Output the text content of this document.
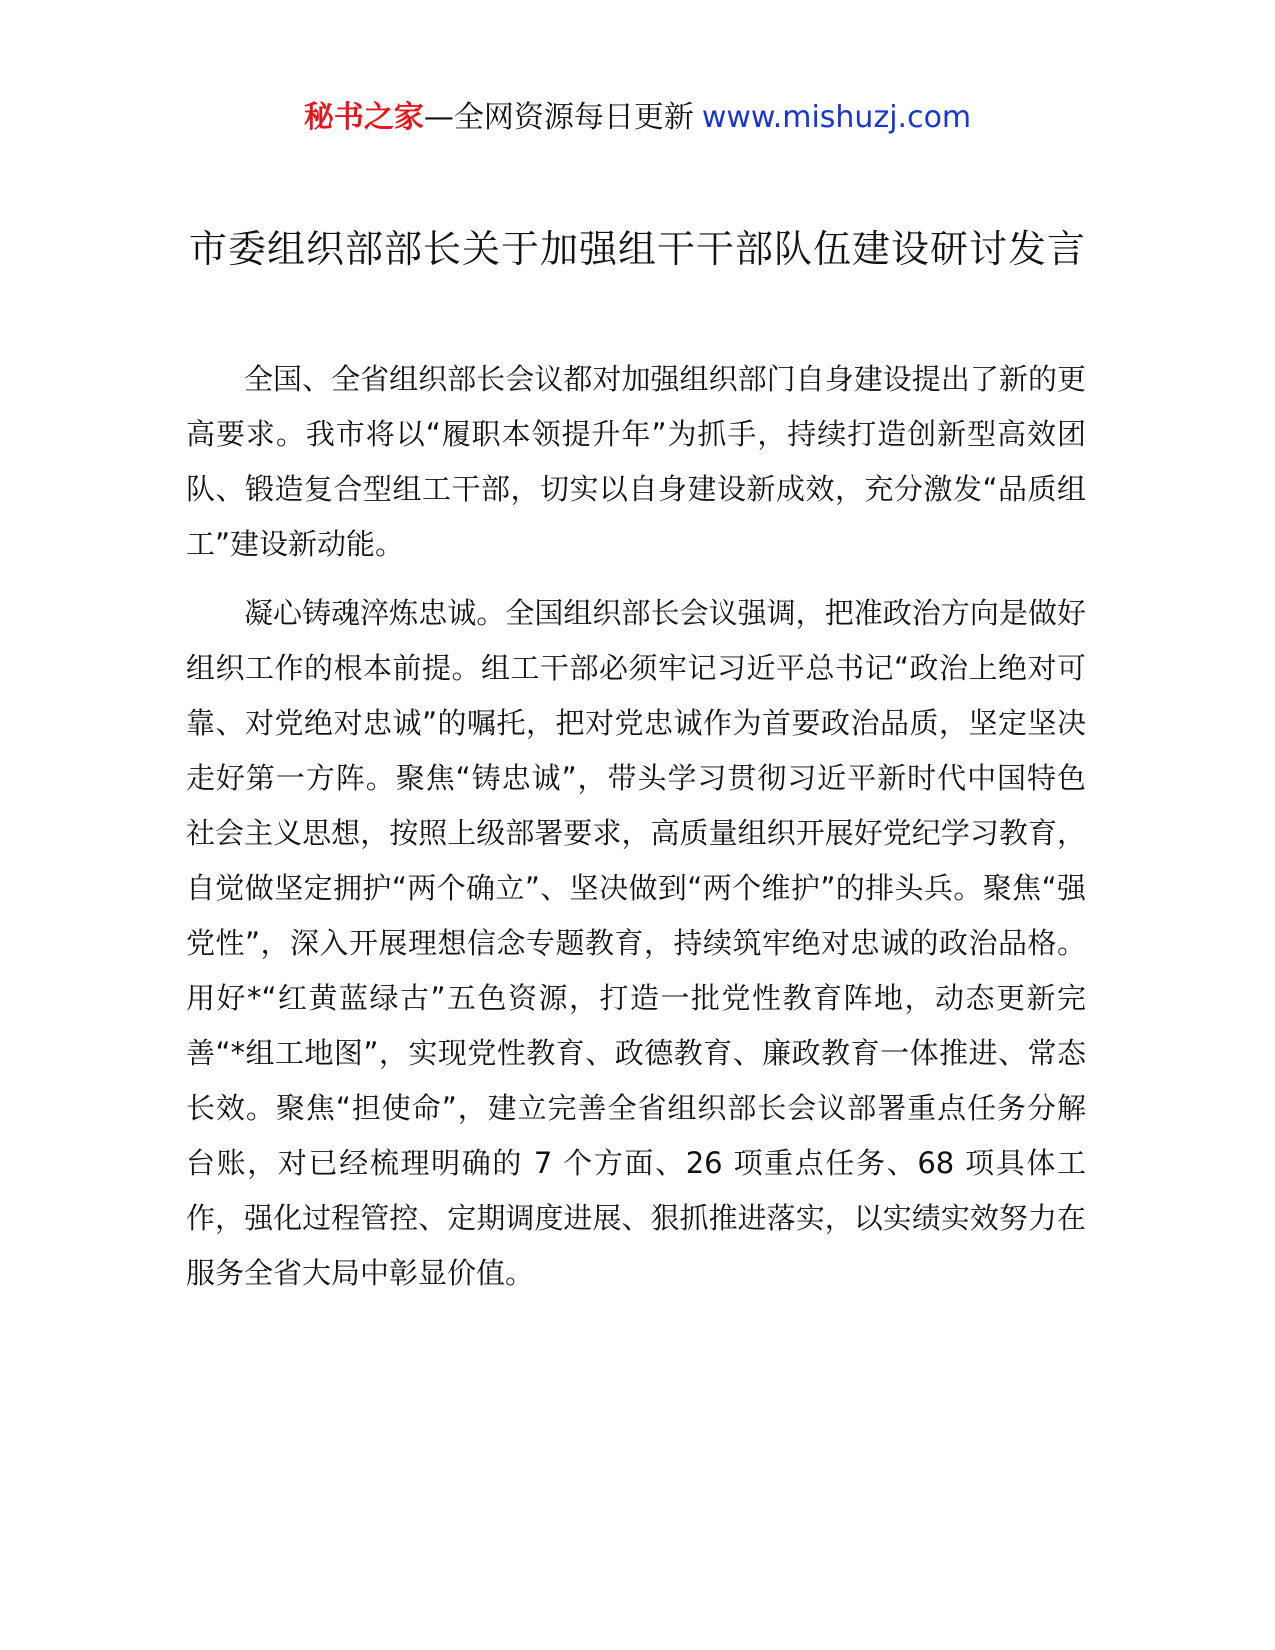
秘书之家—全网资源每日更新 www.mishuzj.com
市委组织部部长关于加强组干干部队伍建设研讨发言

全国、全省组织部长会议都对加强组织部门自身建设提出了新的更高要求。我市将以“履职本领提升年”为抓手，持续打造创新型高效团队、锻造复合型组工干部，切实以自身建设新成效，充分激发“品质组工”建设新动能。

凝心铸魂淬炼忠诚。全国组织部长会议强调，把准政治方向是做好组织工作的根本前提。组工干部必须牢记习近平总书记“政治上绝对可靠、对党绝对忠诚”的嘱托，把对党忠诚作为首要政治品质，坚定坚决走好第一方阵。聚焦“铸忠诚”，带头学习贯彻习近平新时代中国特色社会主义思想，按照上级部署要求，高质量组织开展好党纪学习教育，自觉做坚定拥护“两个确立”、坚决做到“两个维护”的排头兵。聚焦“强党性”，深入开展理想信念专题教育，持续筑牢绝对忠诚的政治品格。用好*“红黄蓝绿古”五色资源，打造一批党性教育阵地，动态更新完善“*组工地图”，实现党性教育、政德教育、廉政教育一体推进、常态长效。聚焦“担使命”，建立完善全省组织部长会议部署重点任务分解台账，对已经梳理明确的 7 个方面、26 项重点任务、68 项具体工作，强化过程管控、定期调度进展、狠抓推进落实，以实绩实效努力在服务全省大局中彰显价值。
